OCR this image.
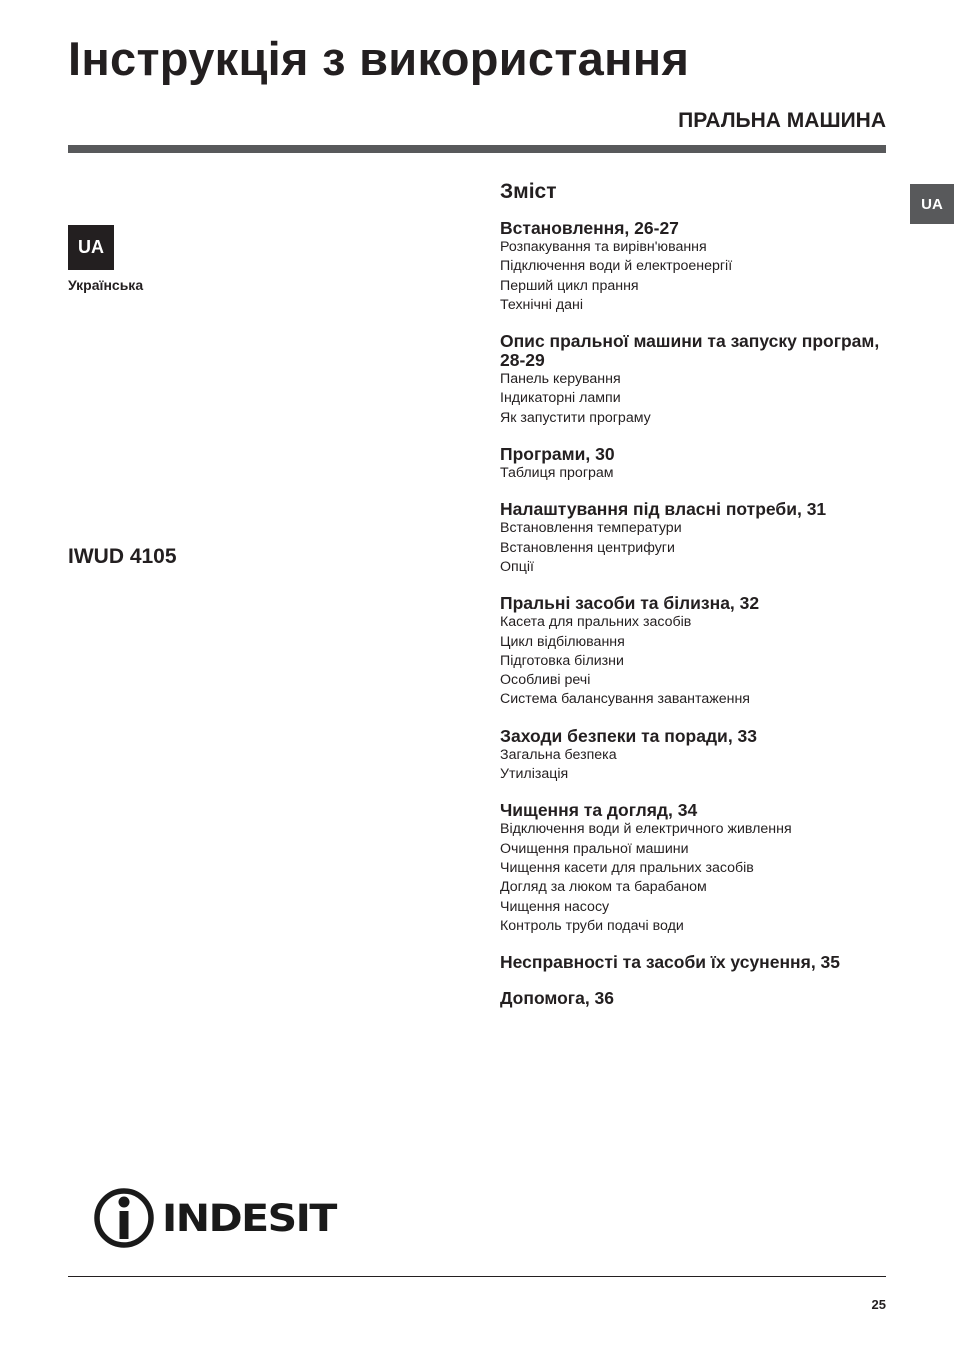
Інструкція з використання
ПРАЛЬНА МАШИНА
UA
UA
Українська
IWUD 4105
Зміст
Встановлення, 26-27
Розпакування та вирівн'ювання
Підключення води й електроенергії
Перший цикл прання
Технічні дані
Опис пральної машини та запуску програм, 28-29
Панель керування
Індикаторні лампи
Як запустити програму
Програми, 30
Таблиця програм
Налаштування під власні потреби, 31
Встановлення температури
Встановлення центрифуги
Опції
Пральні засоби та білизна, 32
Касета для пральних засобів
Цикл відбілювання
Підготовка білизни
Особливі речі
Система балансування завантаження
Заходи безпеки та поради, 33
Загальна безпека
Утилізація
Чищення та догляд, 34
Відключення води й електричного живлення
Очищення пральної машини
Чищення касети для пральних засобів
Догляд за люком та барабаном
Чищення насосу
Контроль труби подачі води
Несправності та засоби їх усунення, 35
Допомога, 36
INDESIT
25
